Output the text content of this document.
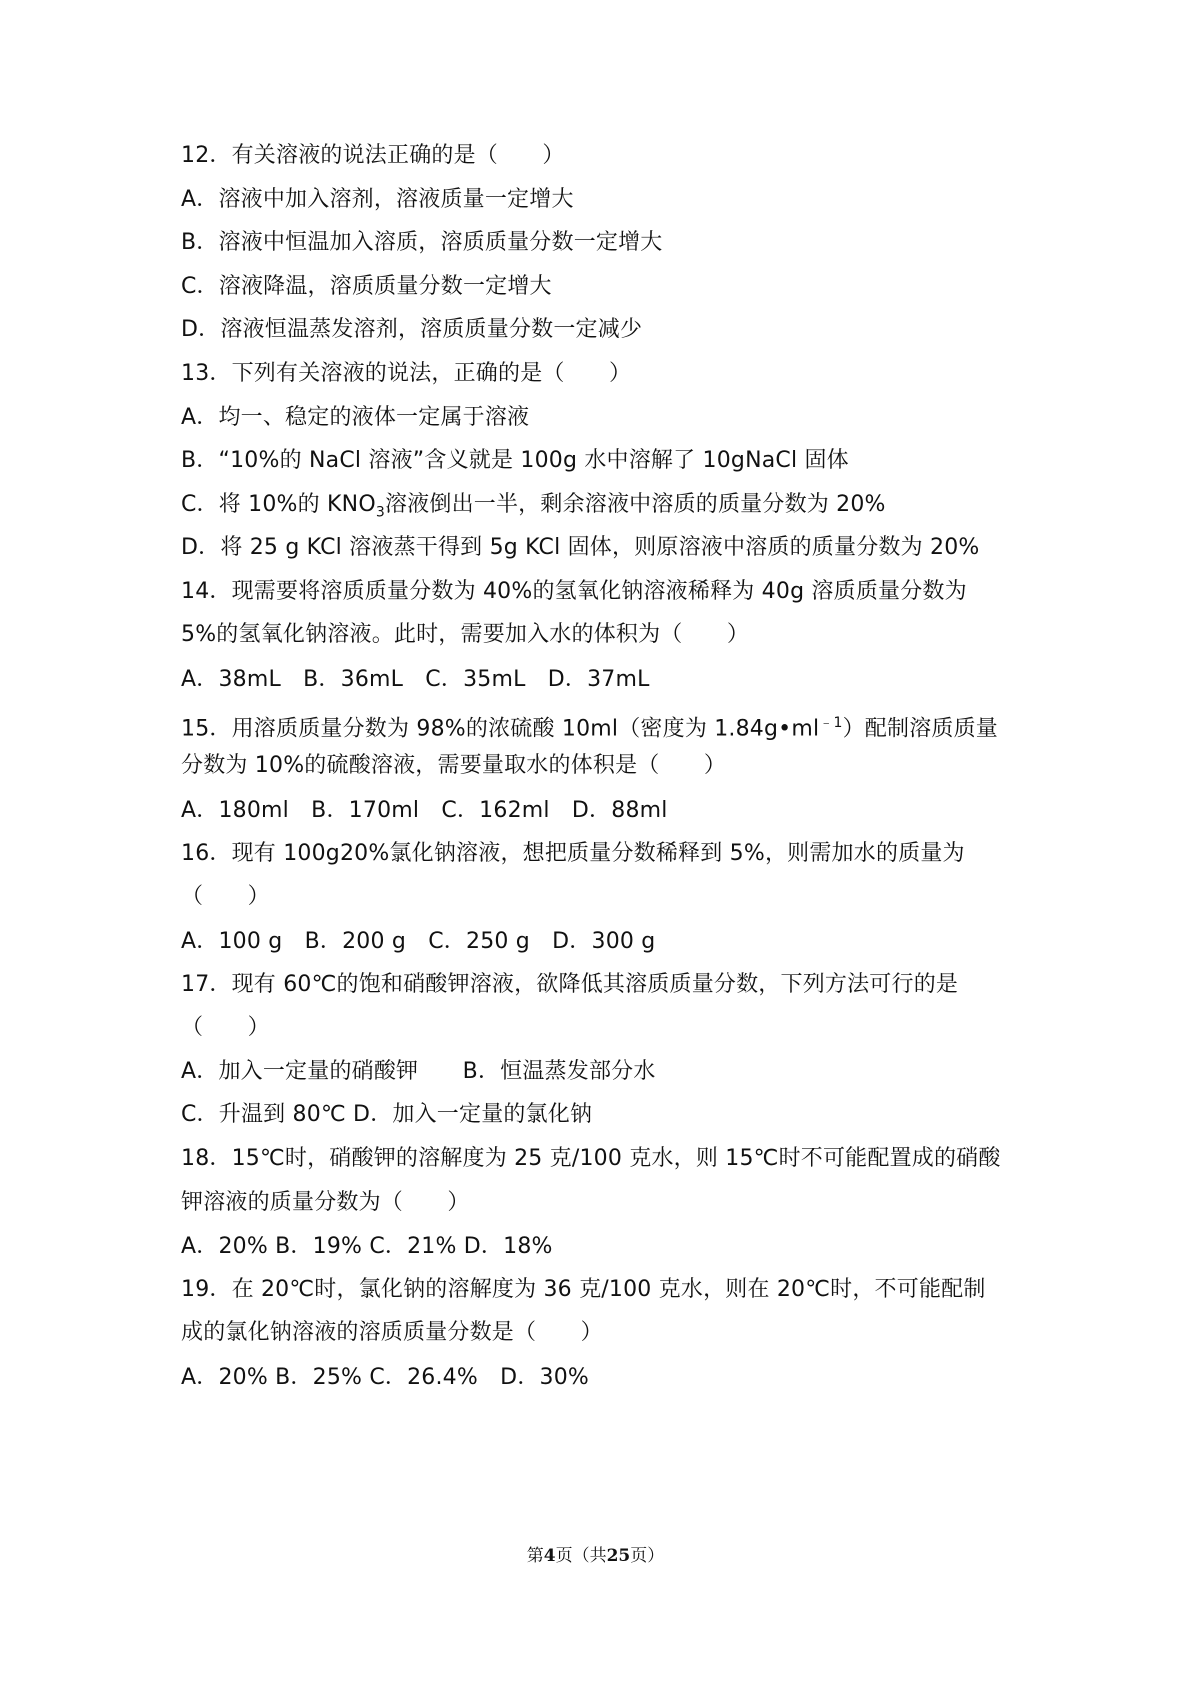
12．有关溶液的说法正确的是（　　）
A．溶液中加入溶剂，溶液质量一定增大
B．溶液中恒温加入溶质，溶质质量分数一定增大
C．溶液降温，溶质质量分数一定增大
D．溶液恒温蒸发溶剂，溶质质量分数一定减少
13．下列有关溶液的说法，正确的是（　　）
A．均一、稳定的液体一定属于溶液
B．“10%的 NaCl 溶液”含义就是 100g 水中溶解了 10gNaCl 固体
C．将 10%的 $KNO_3$溶液倒出一半，剩余溶液中溶质的质量分数为 20%
D．将 25 g KCl 溶液蒸干得到 5g KCl 固体，则原溶液中溶质的质量分数为 20%
14．现需要将溶质质量分数为 40%的氢氧化钠溶液稀释为 40g 溶质质量分数为
5%的氢氧化钠溶液。此时，需要加入水的体积为（　　）
A．38mL　B．36mL　C．35mL　D．37mL
15．用溶质质量分数为 98%的浓硫酸 10ml（密度为 $1.84g•ml^{﹣1}$）配制溶质质量
分数为 10%的硫酸溶液，需要量取水的体积是（　　）
A．180ml　B．170ml　C．162ml　D．88ml
16．现有 100g20%氯化钠溶液，想把质量分数稀释到 5%，则需加水的质量为
（　　）
A．100 g　B．200 g　C．250 g　D．300 g
17．现有 60℃的饱和硝酸钾溶液，欲降低其溶质质量分数，下列方法可行的是
（　　）
A．加入一定量的硝酸钾　　B．恒温蒸发部分水
C．升温到 80℃ D．加入一定量的氯化钠
18．15℃时，硝酸钾的溶解度为 25 克/100 克水，则 15℃时不可能配置成的硝酸
钾溶液的质量分数为（　　）
A．20% B．19% C．21% D．18%
19．在 20℃时，氯化钠的溶解度为 36 克/100 克水，则在 20℃时，不可能配制
成的氯化钠溶液的溶质质量分数是（　　）
A．20% B．25% C．26.4%　D．30%
第4页（共25页）
